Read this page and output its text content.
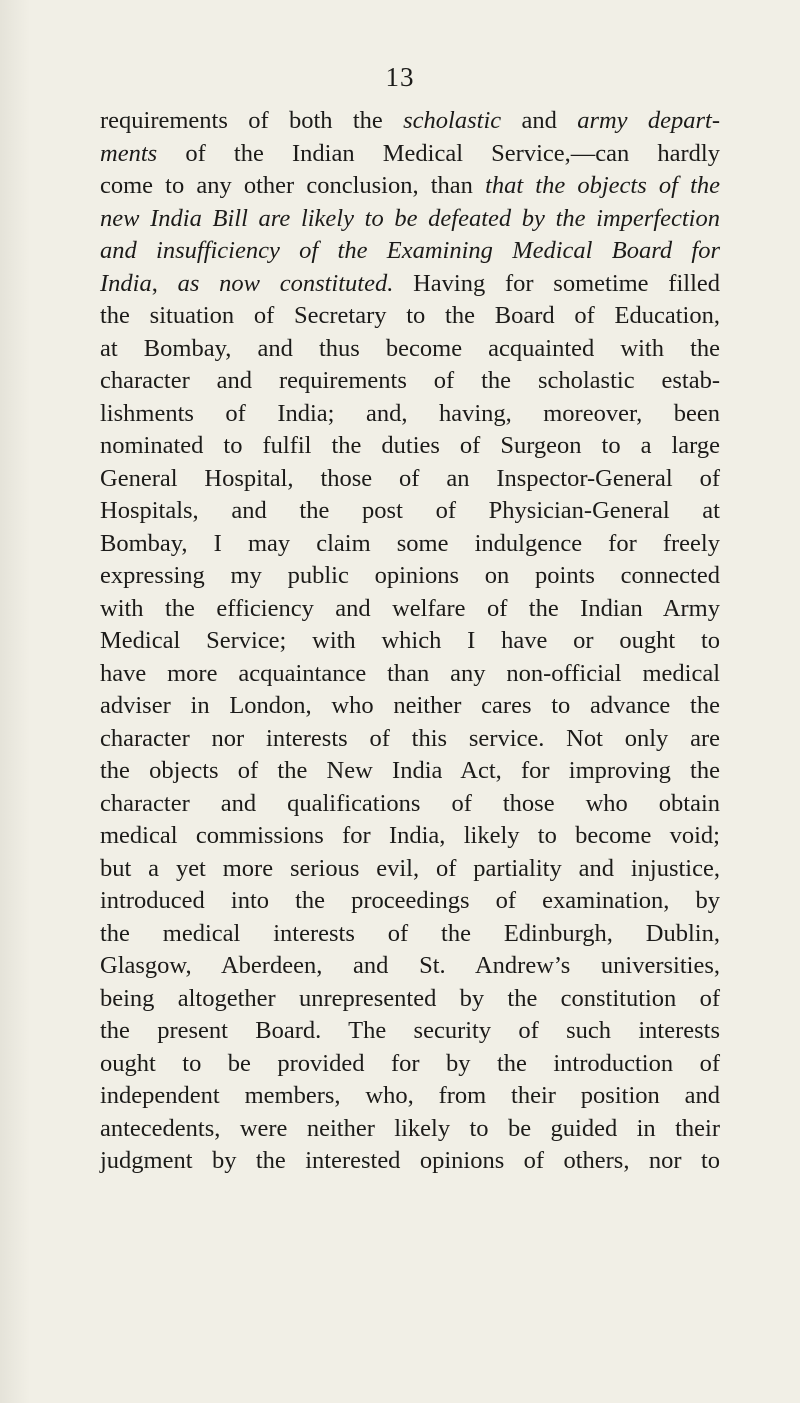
13
requirements of both the scholastic and army depart-
ments of the Indian Medical Service,—can hardly
come to any other conclusion, than that the objects of the
new India Bill are likely to be defeated by the imperfection
and insufficiency of the Examining Medical Board for
India, as now constituted. Having for sometime filled
the situation of Secretary to the Board of Education,
at Bombay, and thus become acquainted with the
character and requirements of the scholastic estab-
lishments of India; and, having, moreover, been
nominated to fulfil the duties of Surgeon to a large
General Hospital, those of an Inspector-General of
Hospitals, and the post of Physician-General at
Bombay, I may claim some indulgence for freely
expressing my public opinions on points connected
with the efficiency and welfare of the Indian Army
Medical Service; with which I have or ought to
have more acquaintance than any non-official medical
adviser in London, who neither cares to advance the
character nor interests of this service. Not only are
the objects of the New India Act, for improving the
character and qualifications of those who obtain
medical commissions for India, likely to become void;
but a yet more serious evil, of partiality and injustice,
introduced into the proceedings of examination, by
the medical interests of the Edinburgh, Dublin,
Glasgow, Aberdeen, and St. Andrew’s universities,
being altogether unrepresented by the constitution of
the present Board. The security of such interests
ought to be provided for by the introduction of
independent members, who, from their position and
antecedents, were neither likely to be guided in their
judgment by the interested opinions of others, nor to
